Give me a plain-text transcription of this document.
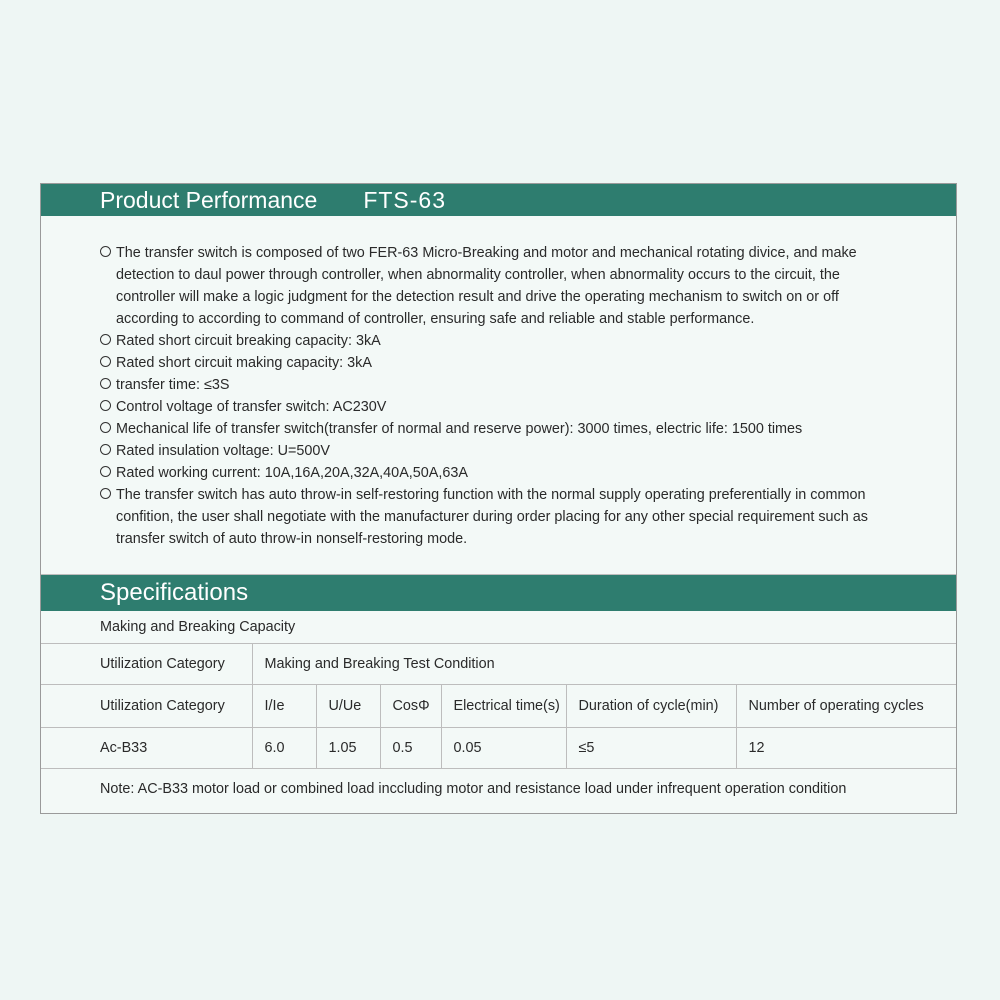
Product Performance FTS-63
The transfer switch is composed of two FER-63 Micro-Breaking and motor and mechanical rotating divice, and make
detection to daul power through controller, when abnormality controller, when abnormality occurs to the circuit, the
controller will make a logic judgment for the detection result and drive the operating mechanism to switch on or off
according to according to command of controller, ensuring safe and reliable and stable performance.
Rated short circuit breaking capacity: 3kA
Rated short circuit making capacity: 3kA
transfer time: ≤3S
Control voltage of transfer switch: AC230V
Mechanical life of transfer switch(transfer of normal and reserve power): 3000 times, electric life: 1500 times
Rated insulation voltage: U=500V
Rated working current: 10A,16A,20A,32A,40A,50A,63A
The transfer switch has auto throw-in self-restoring function with the normal supply operating preferentially in common
confition, the user shall negotiate with the manufacturer during order placing for any other special requirement such as
transfer switch of auto throw-in nonself-restoring mode.
Specifications
Making and Breaking Capacity						
Utilization Category	Making and Breaking Test Condition					
Utilization Category	I/Ie	U/Ue	CosΦ	Electrical time(s)	Duration of cycle(min)	Number of operating cycles
Ac-B33	6.0	1.05	0.5	0.05	≤5	12
Note: AC-B33 motor load or combined load inccluding motor and resistance load under infrequent operation condition						
